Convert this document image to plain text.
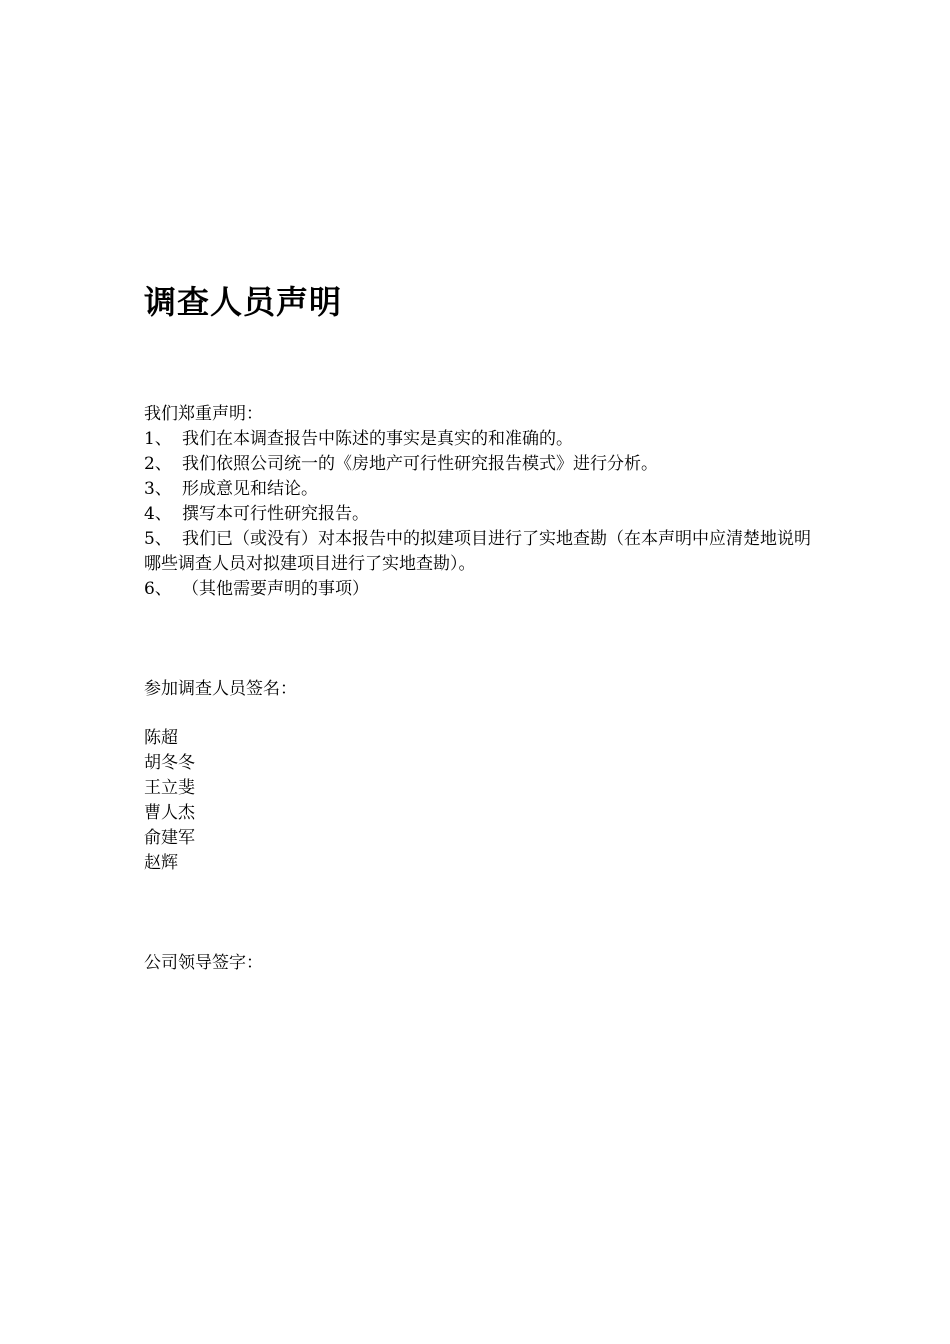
调查人员声明

我们郑重声明：

1、 我们在本调查报告中陈述的事实是真实的和准确的。

2、 我们依照公司统一的《房地产可行性研究报告模式》进行分析。

3、 形成意见和结论。

4、 撰写本可行性研究报告。

5、 我们已（或没有）对本报告中的拟建项目进行了实地查勘（在本声明中应清楚地说明哪些调查人员对拟建项目进行了实地查勘）。

6、 （其他需要声明的事项）

参加调查人员签名：

陈超
胡冬冬
王立斐
曹人杰
俞建军
赵辉

公司领导签字：
